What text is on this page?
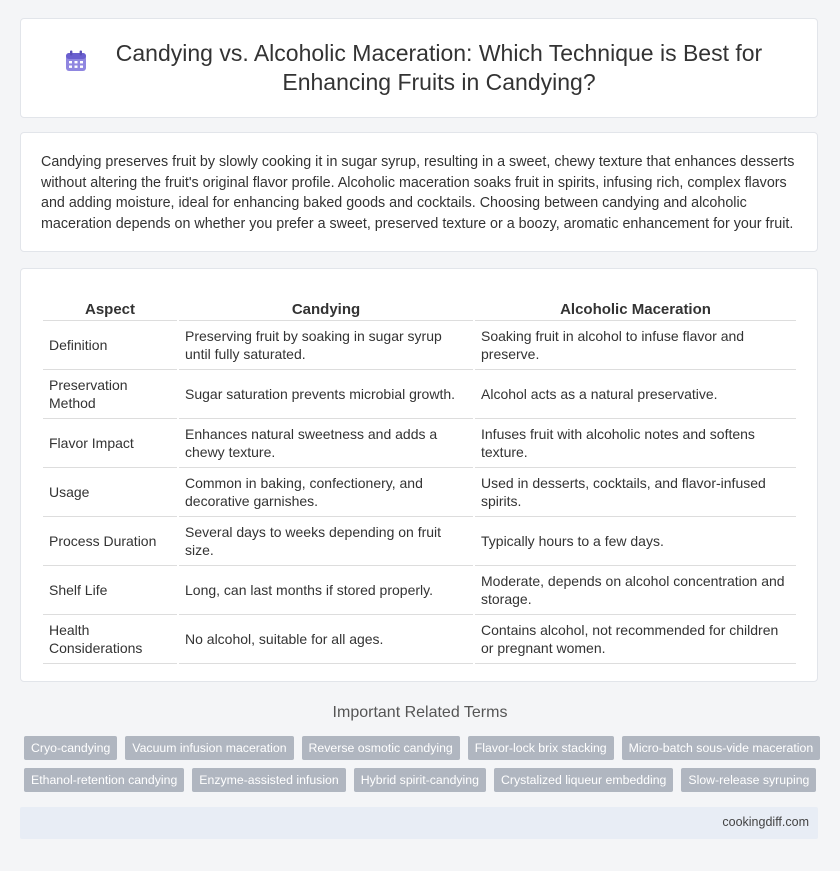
Candying vs. Alcoholic Maceration: Which Technique is Best for Enhancing Fruits in Candying?

Candying preserves fruit by slowly cooking it in sugar syrup, resulting in a sweet, chewy texture that enhances desserts without altering the fruit's original flavor profile. Alcoholic maceration soaks fruit in spirits, infusing rich, complex flavors and adding moisture, ideal for enhancing baked goods and cocktails. Choosing between candying and alcoholic maceration depends on whether you prefer a sweet, preserved texture or a boozy, aromatic enhancement for your fruit.

Aspect	Candying	Alcoholic Maceration
Definition	Preserving fruit by soaking in sugar syrup until fully saturated.	Soaking fruit in alcohol to infuse flavor and preserve.
Preservation Method	Sugar saturation prevents microbial growth.	Alcohol acts as a natural preservative.
Flavor Impact	Enhances natural sweetness and adds a chewy texture.	Infuses fruit with alcoholic notes and softens texture.
Usage	Common in baking, confectionery, and decorative garnishes.	Used in desserts, cocktails, and flavor-infused spirits.
Process Duration	Several days to weeks depending on fruit size.	Typically hours to a few days.
Shelf Life	Long, can last months if stored properly.	Moderate, depends on alcohol concentration and storage.
Health Considerations	No alcohol, suitable for all ages.	Contains alcohol, not recommended for children or pregnant women.
Important Related Terms
Cryo-candying	Vacuum infusion maceration	Reverse osmotic candying	Flavor-lock brix stacking	Micro-batch sous-vide maceration
Ethanol-retention candying	Enzyme-assisted infusion	Hybrid spirit-candying	Crystalized liqueur embedding	Slow-release syruping
cookingdiff.com
